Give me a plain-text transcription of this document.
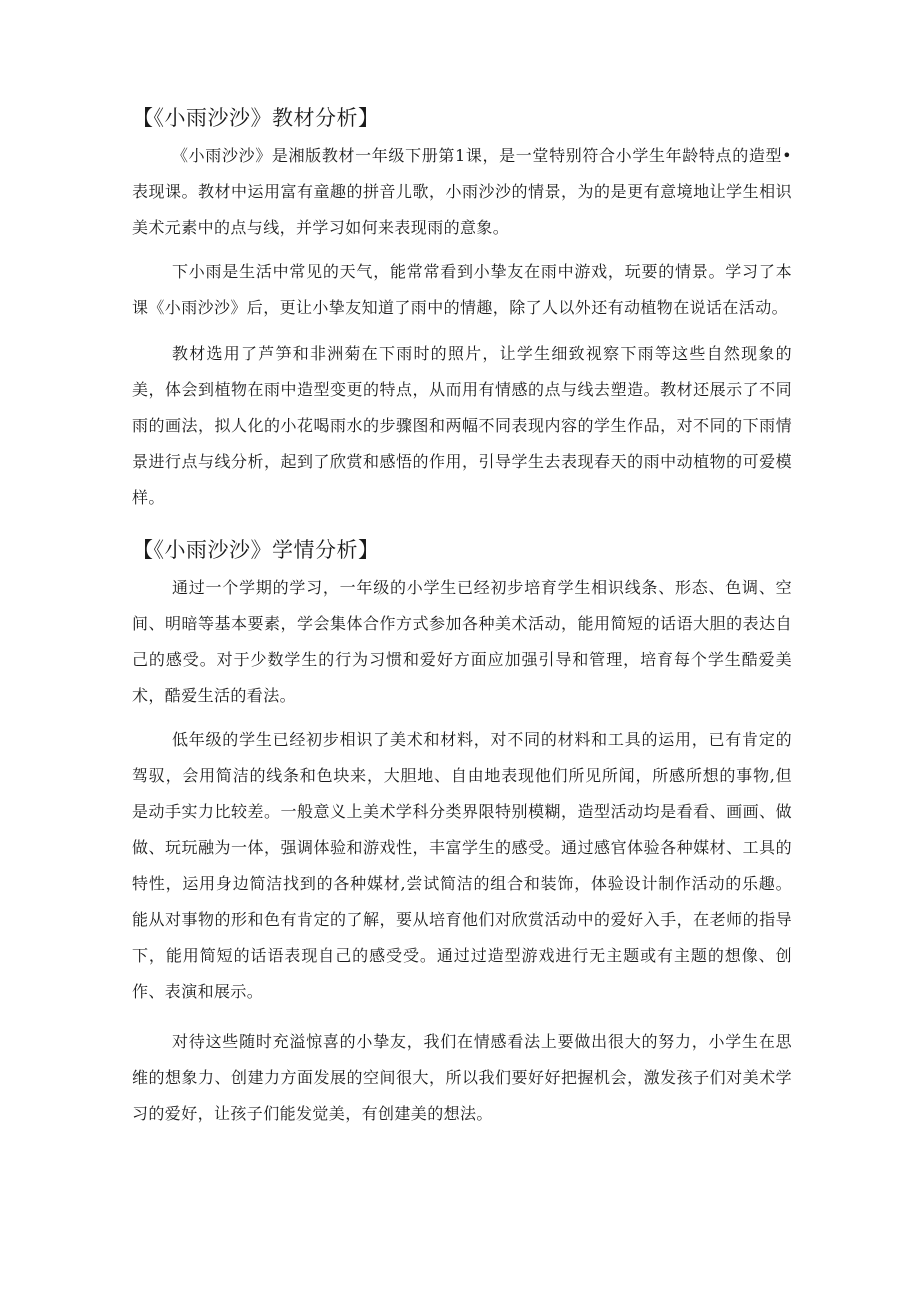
【《小雨沙沙》教材分析】

《小雨沙沙》是湘版教材一年级下册第1课，是一堂特别符合小学生年龄特点的造型•表现课。教材中运用富有童趣的拼音儿歌，小雨沙沙的情景，为的是更有意境地让学生相识美术元素中的点与线，并学习如何来表现雨的意象。

下小雨是生活中常见的天气，能常常看到小挚友在雨中游戏，玩要的情景。学习了本课《小雨沙沙》后，更让小挚友知道了雨中的情趣，除了人以外还有动植物在说话在活动。

教材选用了芦笋和非洲菊在下雨时的照片，让学生细致视察下雨等这些自然现象的美，体会到植物在雨中造型变更的特点，从而用有情感的点与线去塑造。教材还展示了不同雨的画法，拟人化的小花喝雨水的步骤图和两幅不同表现内容的学生作品，对不同的下雨情景进行点与线分析，起到了欣赏和感悟的作用，引导学生去表现春天的雨中动植物的可爱模样。

【《小雨沙沙》学情分析】

通过一个学期的学习，一年级的小学生已经初步培育学生相识线条、形态、色调、空间、明暗等基本要素，学会集体合作方式参加各种美术活动，能用简短的话语大胆的表达自己的感受。对于少数学生的行为习惯和爱好方面应加强引导和管理，培育每个学生酷爱美术，酷爱生活的看法。

低年级的学生已经初步相识了美术和材料，对不同的材料和工具的运用，已有肯定的驾驭，会用简洁的线条和色块来，大胆地、自由地表现他们所见所闻，所感所想的事物,但是动手实力比较差。一般意义上美术学科分类界限特别模糊，造型活动均是看看、画画、做做、玩玩融为一体，强调体验和游戏性，丰富学生的感受。通过感官体验各种媒材、工具的特性，运用身边简洁找到的各种媒材,尝试简洁的组合和装饰，体验设计制作活动的乐趣。能从对事物的形和色有肯定的了解，要从培育他们对欣赏活动中的爱好入手，在老师的指导下，能用简短的话语表现自己的感受受。通过过造型游戏进行无主题或有主题的想像、创作、表演和展示。

对待这些随时充溢惊喜的小挚友，我们在情感看法上要做出很大的努力，小学生在思维的想象力、创建力方面发展的空间很大，所以我们要好好把握机会，激发孩子们对美术学习的爱好，让孩子们能发觉美，有创建美的想法。
